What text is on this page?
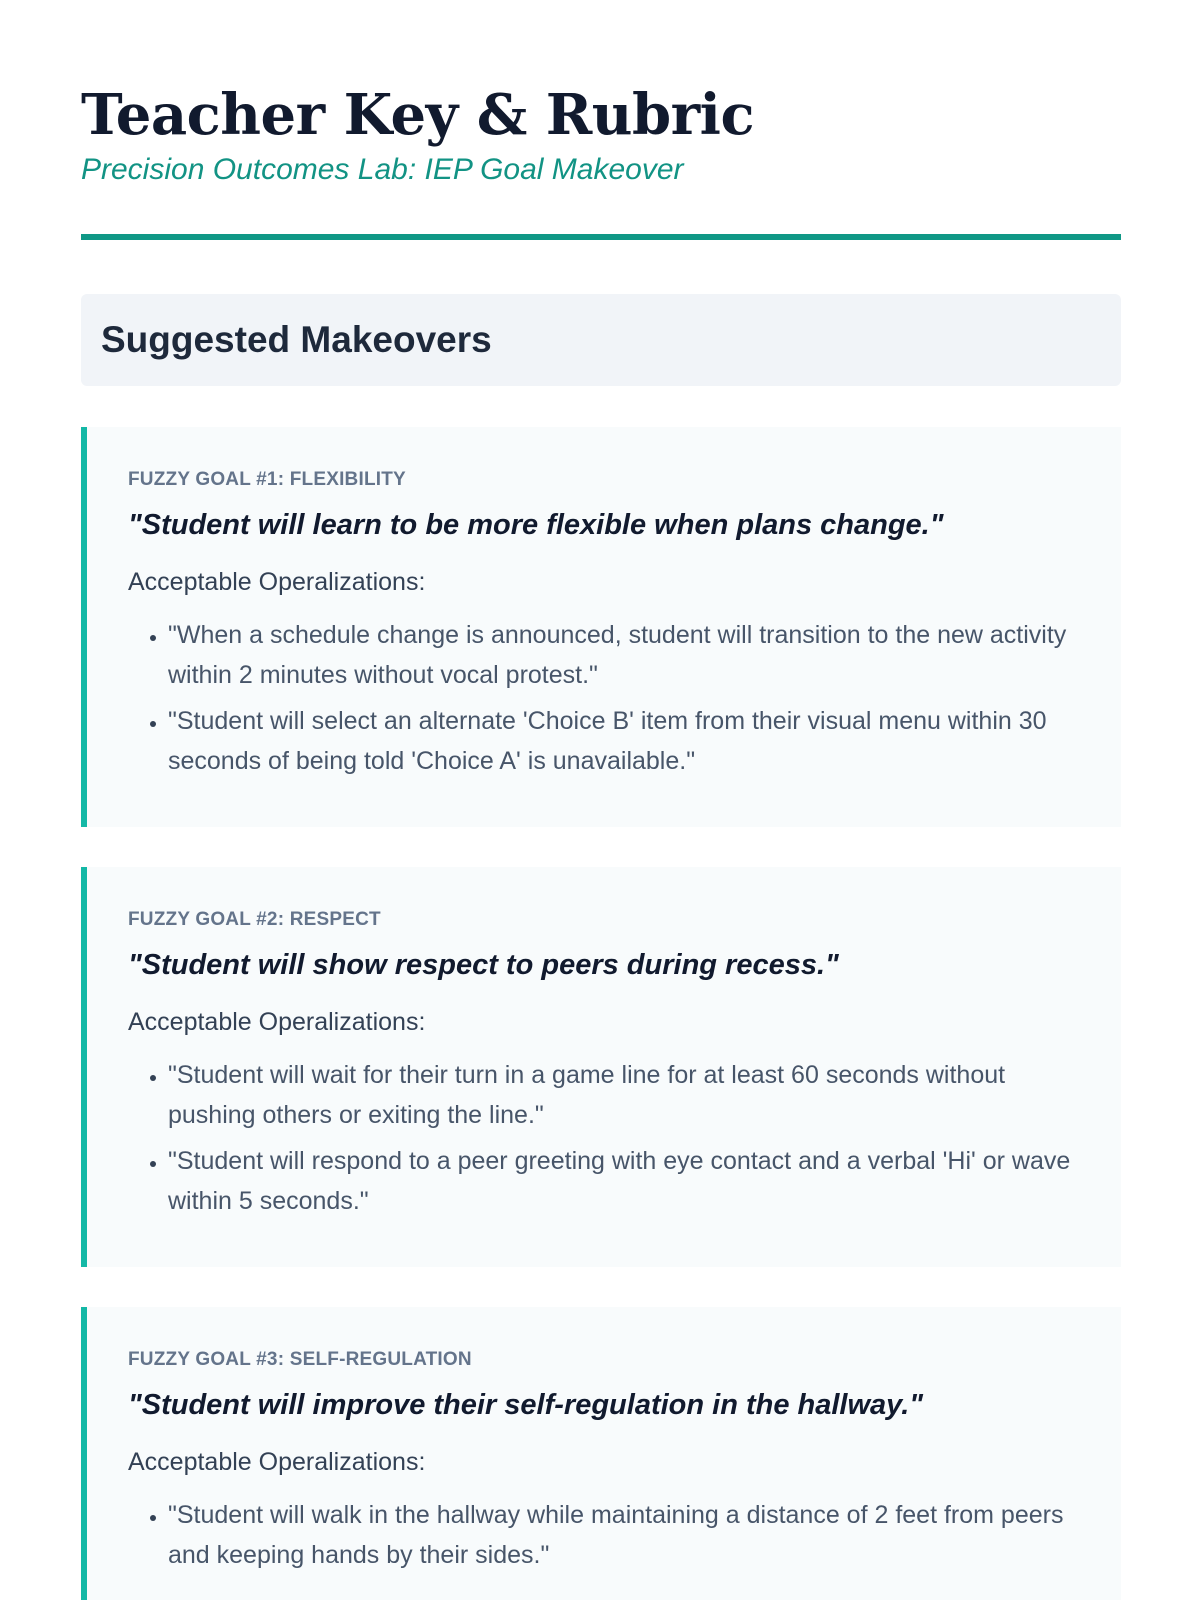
Teacher Key & Rubric

Precision Outcomes Lab: IEP Goal Makeover

Suggested Makeovers

FUZZY GOAL #1: FLEXIBILITY

"Student will learn to be more flexible when plans change."

Acceptable Operalizations:

• "When a schedule change is announced, student will transition to the new activity within 2 minutes without vocal protest."
• "Student will select an alternate 'Choice B' item from their visual menu within 30 seconds of being told 'Choice A' is unavailable."

FUZZY GOAL #2: RESPECT

"Student will show respect to peers during recess."

Acceptable Operalizations:

• "Student will wait for their turn in a game line for at least 60 seconds without pushing others or exiting the line."
• "Student will respond to a peer greeting with eye contact and a verbal 'Hi' or wave within 5 seconds."

FUZZY GOAL #3: SELF-REGULATION

"Student will improve their self-regulation in the hallway."

Acceptable Operalizations:

• "Student will walk in the hallway while maintaining a distance of 2 feet from peers and keeping hands by their sides."
